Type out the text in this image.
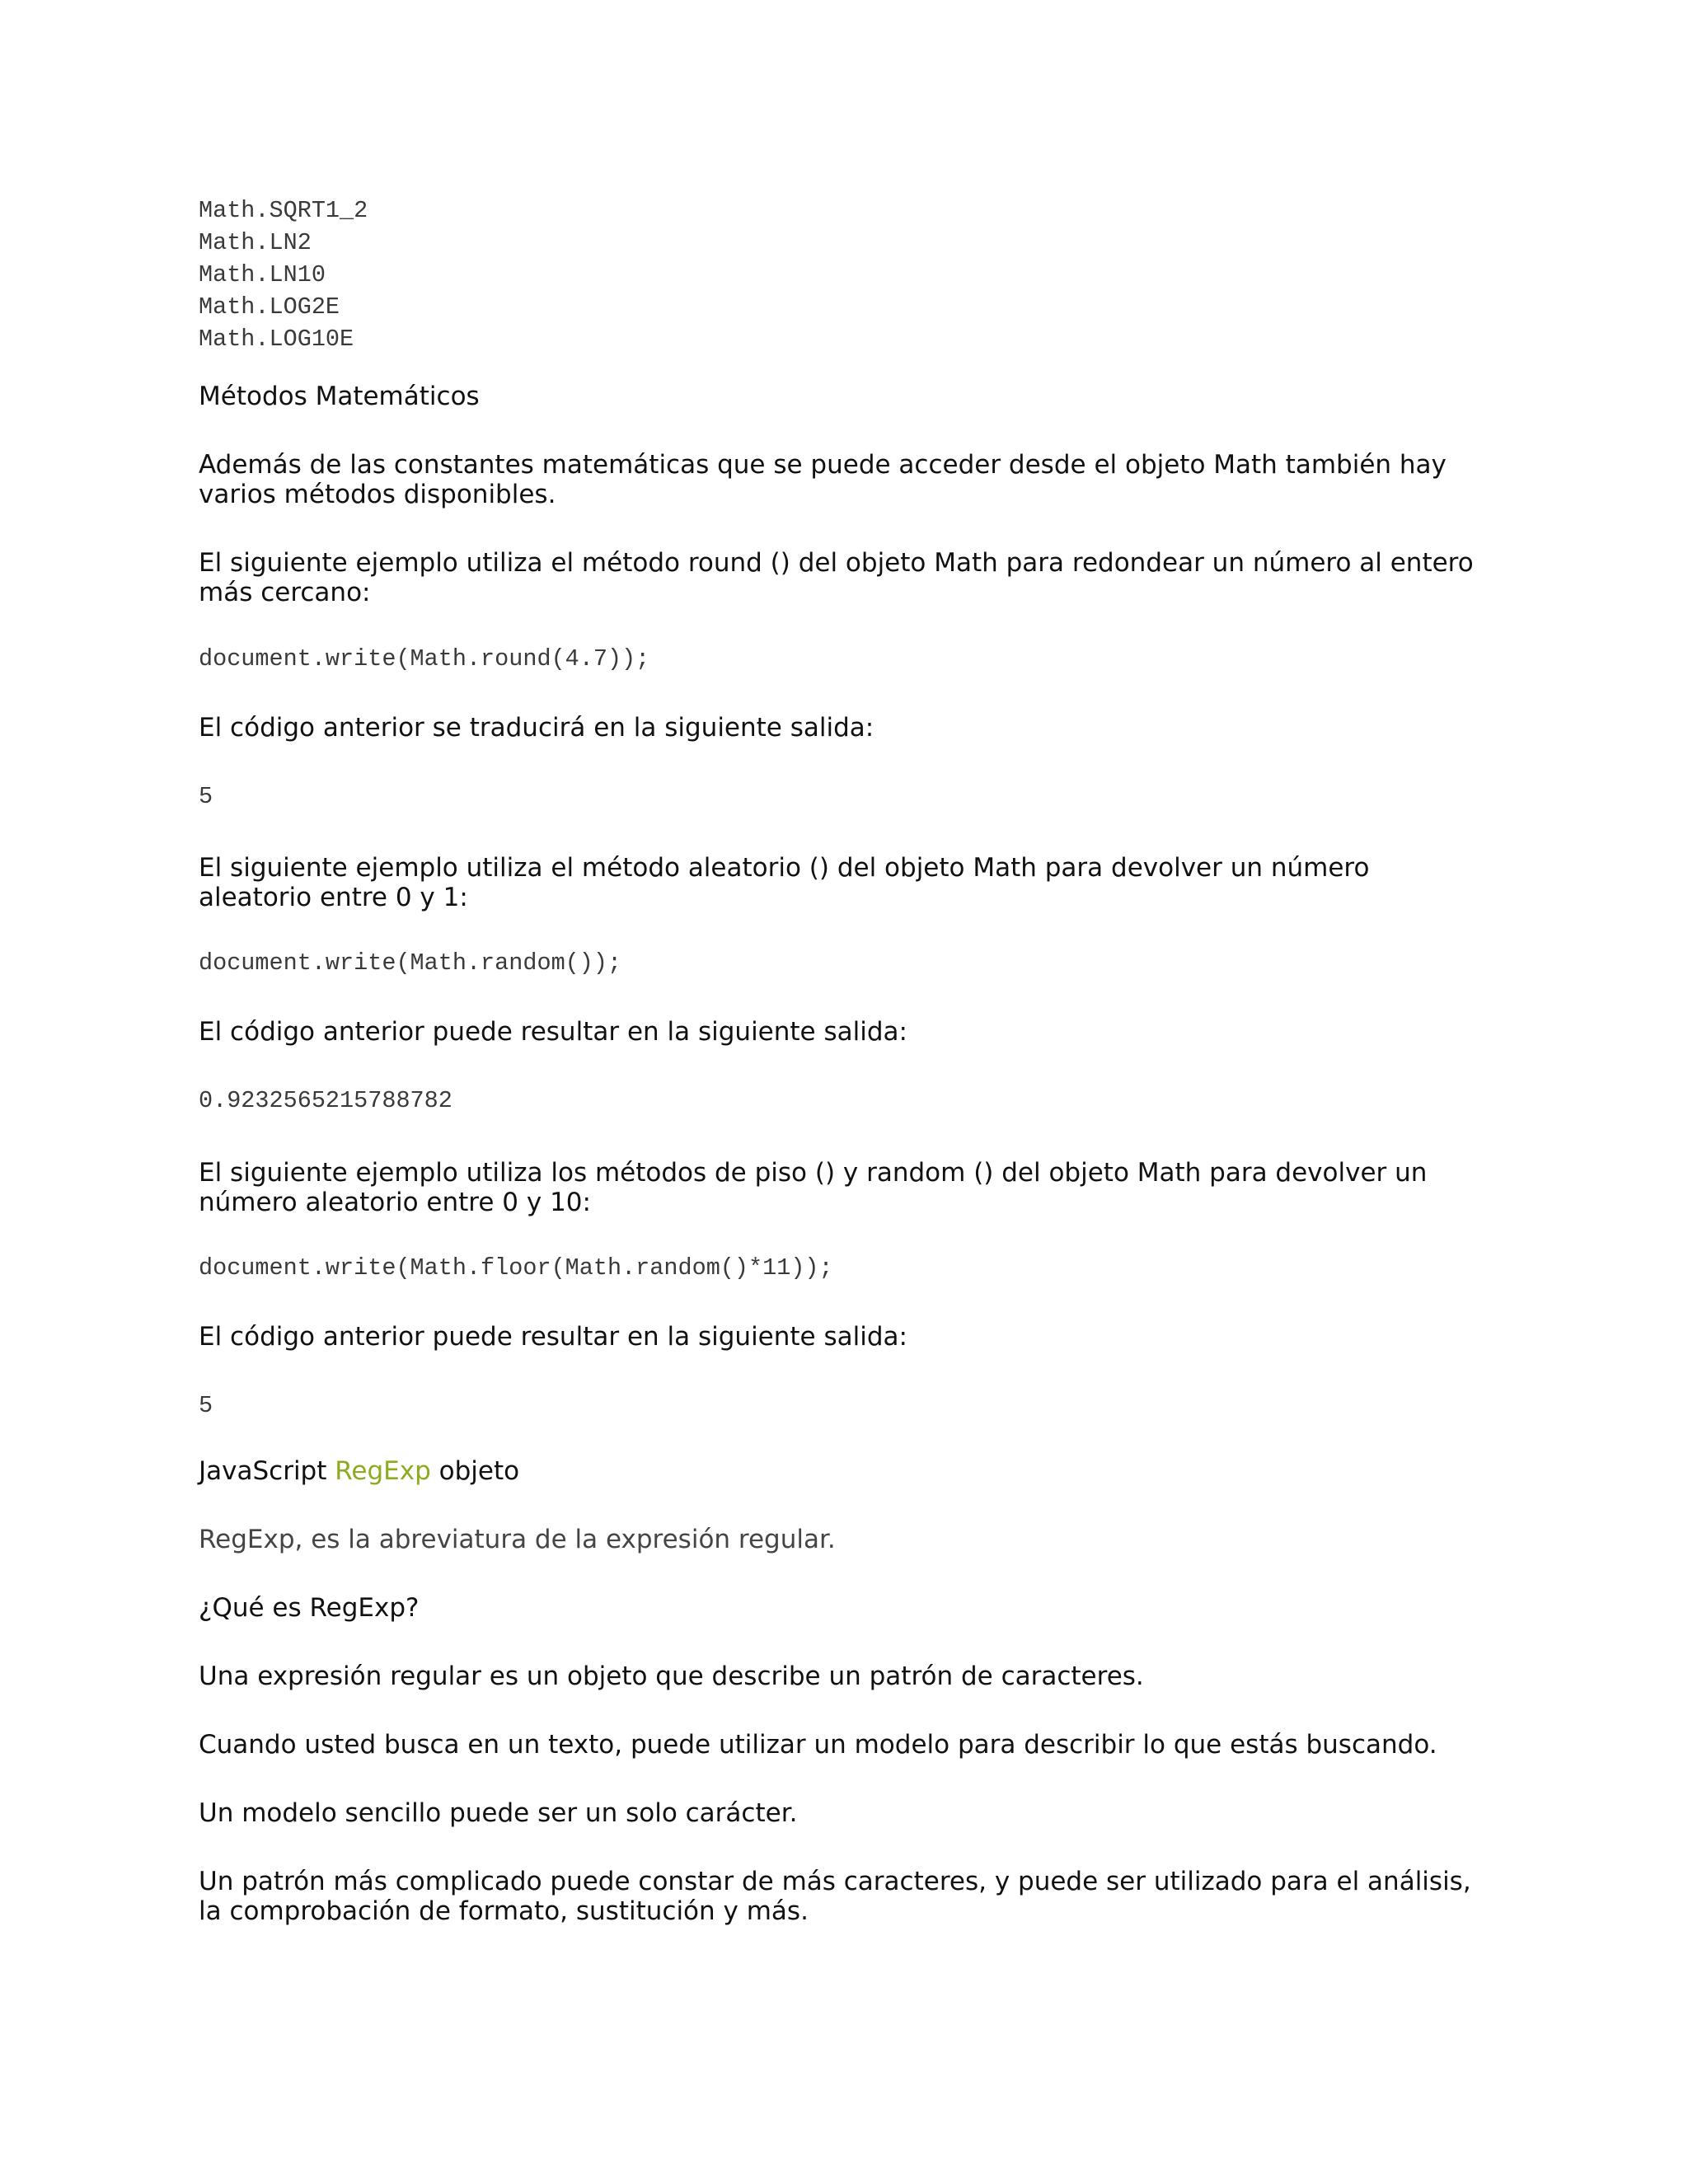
Math.SQRT1_2

Math.LN2

Math.LN10

Math.LOG2E

Math.LOG10E

Métodos Matemáticos

Además de las constantes matemáticas que se puede acceder desde el objeto Math también hay varios métodos disponibles.

El siguiente ejemplo utiliza el método round () del objeto Math para redondear un número al entero más cercano:

document.write(Math.round(4.7));

El código anterior se traducirá en la siguiente salida:

5

El siguiente ejemplo utiliza el método aleatorio () del objeto Math para devolver un número aleatorio entre 0 y 1:

document.write(Math.random());

El código anterior puede resultar en la siguiente salida:

0.9232565215788782

El siguiente ejemplo utiliza los métodos de piso () y random () del objeto Math para devolver un número aleatorio entre 0 y 10:

document.write(Math.floor(Math.random()*11));

El código anterior puede resultar en la siguiente salida:

5

JavaScript RegExp objeto

RegExp, es la abreviatura de la expresión regular.

¿Qué es RegExp?

Una expresión regular es un objeto que describe un patrón de caracteres.

Cuando usted busca en un texto, puede utilizar un modelo para describir lo que estás buscando.

Un modelo sencillo puede ser un solo carácter.

Un patrón más complicado puede constar de más caracteres, y puede ser utilizado para el análisis, la comprobación de formato, sustitución y más.
